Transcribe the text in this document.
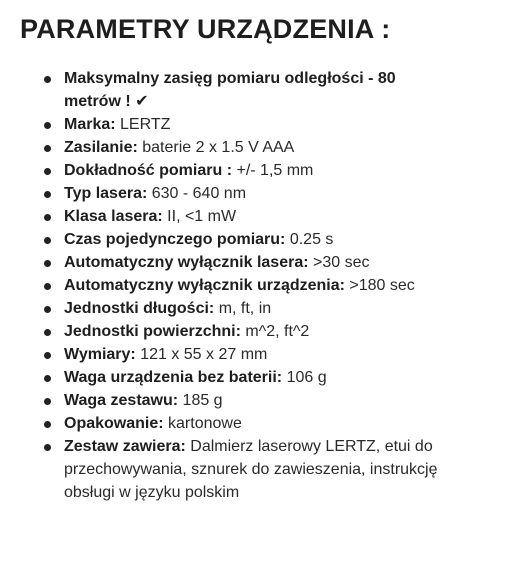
PARAMETRY URZĄDZENIA :
Maksymalny zasięg pomiaru odległości - 80 metrów ! ✔
Marka: LERTZ
Zasilanie: baterie 2 x 1.5 V AAA
Dokładność pomiaru : +/- 1,5 mm
Typ lasera: 630 - 640 nm
Klasa lasera: II, <1 mW
Czas pojedynczego pomiaru: 0.25 s
Automatyczny wyłącznik lasera: >30 sec
Automatyczny wyłącznik urządzenia: >180 sec
Jednostki długości: m, ft, in
Jednostki powierzchni: m^2, ft^2
Wymiary: 121 x 55 x 27 mm
Waga urządzenia bez baterii: 106 g
Waga zestawu: 185 g
Opakowanie: kartonowe
Zestaw zawiera: Dalmierz laserowy LERTZ, etui do przechowywania, sznurek do zawieszenia, instrukcję obsługi w języku polskim
